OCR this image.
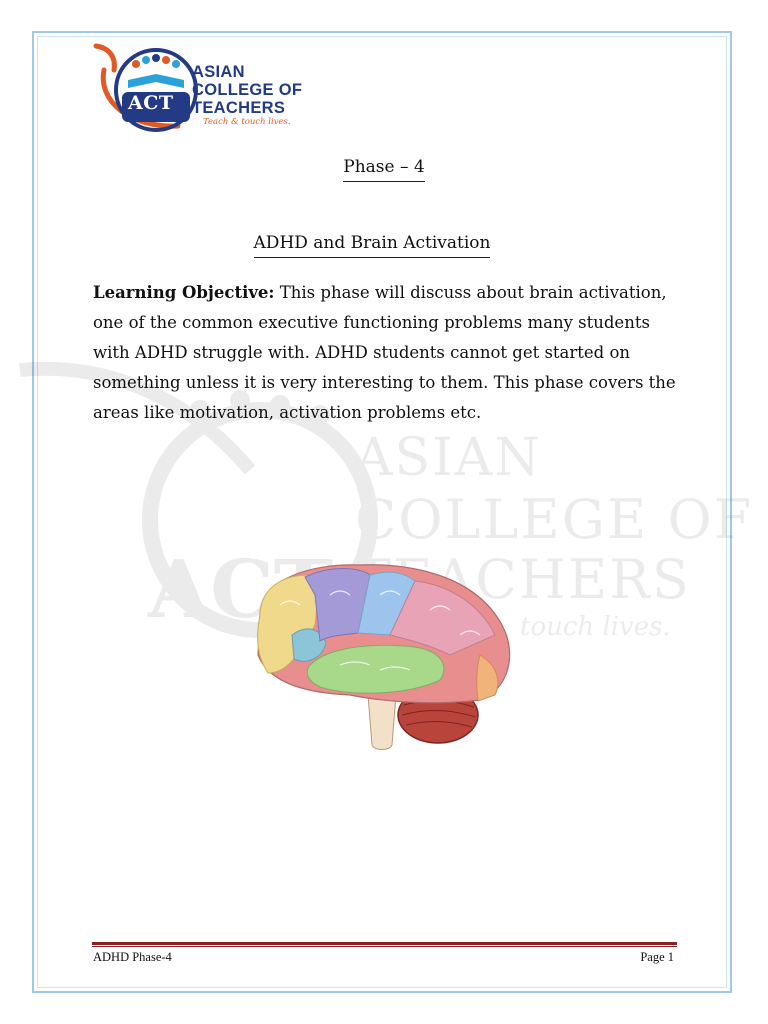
ASIAN
COLLEGE OF
TEACHERS
ACT	touch lives.
ACT
ASIAN
COLLEGE OF
TEACHERS
Teach & touch lives.
Phase – 4
ADHD and Brain Activation
Learning Objective: This phase will discuss about brain activation, one of the common executive functioning problems many students with ADHD struggle with. ADHD students cannot get started on something unless it is very interesting to them. This phase covers the areas like motivation, activation problems etc.
ADHD Phase-4	Page 1
